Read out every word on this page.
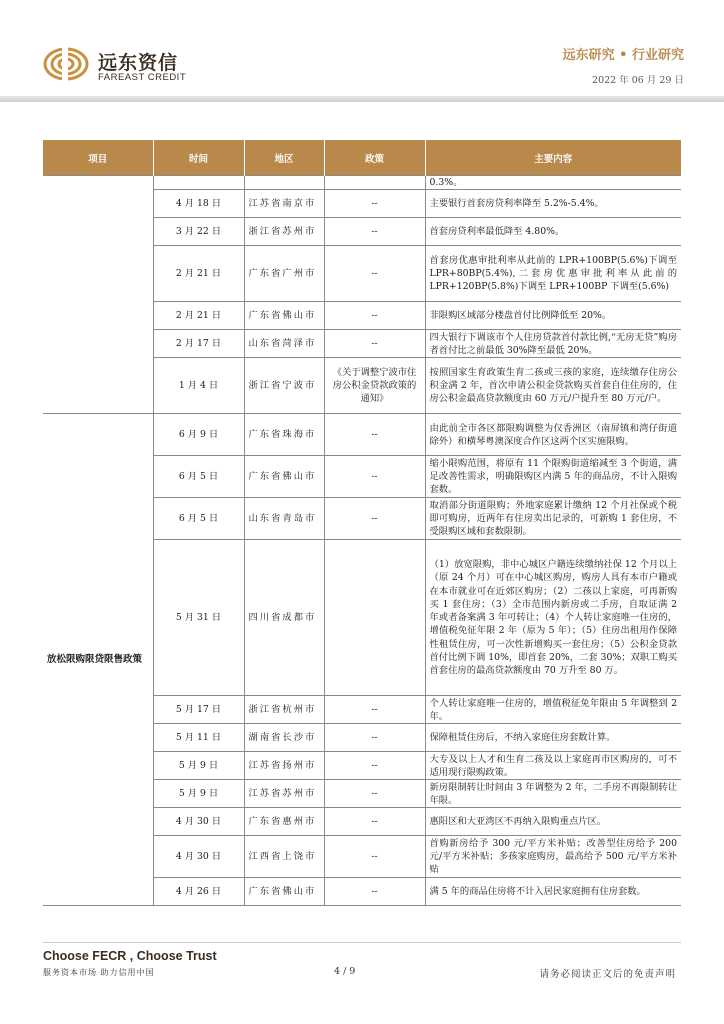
远东资信
FAREAST CREDIT
远东研究 • 行业研究
2022 年 06 月 29 日
项目	时间	地区	政策	主要内容
				0.3%。
	4 月 18 日	江苏省南京市	--	主要银行首套房贷利率降至 5.2%-5.4%。
	3 月 22 日	浙江省苏州市	--	首套房贷利率最低降至 4.80%。
	2 月 21 日	广东省广州市	--	首套房优惠审批利率从此前的 LPR+100BP(5.6%)下调至 LPR+80BP(5.4%),二套房优惠审批利率从此前的 LPR+120BP(5.8%)下调至 LPR+100BP 下调至(5.6%)
	2 月 21 日	广东省佛山市	--	非限购区域部分楼盘首付比例降低至 20%。
	2 月 17 日	山东省菏泽市	--	四大银行下调该市个人住房贷款首付款比例,“无房无贷”购房者首付比之前最低 30%降至最低 20%。
	1 月 4 日	浙江省宁波市	《关于调整宁波市住房公积金贷款政策的通知》	按照国家生育政策生育二孩或三孩的家庭，连续缴存住房公积金满 2 年，首次申请公积金贷款购买首套自住住房的，住房公积金最高贷款额度由 60 万元/户提升至 80 万元/户。
放松限购限贷限售政策	6 月 9 日	广东省珠海市	--	由此前全市各区都限购调整为仅香洲区（南屏镇和湾仔街道除外）和横琴粤澳深度合作区这两个区实施限购。
	6 月 5 日	广东省佛山市	--	缩小限购范围，将原有 11 个限购街道缩减至 3 个街道，满足改善性需求，明确限购区内满 5 年的商品房，不计入限购套数。
	6 月 5 日	山东省青岛市	--	取消部分街道限购；外地家庭累计缴纳 12 个月社保或个税即可购房，近两年有住房卖出记录的，可新购 1 套住房，不受限购区域和套数限制。
	5 月 31 日	四川省成都市		（1）放宽限购，非中心城区户籍连续缴纳社保 12 个月以上（原 24 个月）可在中心城区购房，购房人具有本市户籍或在本市就业可在近郊区购房；（2）二孩以上家庭，可再新购买 1 套住房；（3）全市范围内新房或二手房，自取证满 2 年或者备案满 3 年可转让；（4）个人转让家庭唯一住房的，增值税免征年限 2 年（原为 5 年）；（5）住房出租用作保障性租赁住房，可一次性新增购买一套住房；（5）公积金贷款首付比例下调 10%，即首套 20%，二套 30%；双职工购买首套住房的最高贷款额度由 70 万升至 80 万。
	5 月 17 日	浙江省杭州市	--	个人转让家庭唯一住房的，增值税征免年限由 5 年调整到 2 年。
	5 月 11 日	湖南省长沙市	--	保障租赁住房后，不纳入家庭住房套数计算。
	5 月 9 日	江苏省扬州市	--	大专及以上人才和生育二孩及以上家庭再市区购房的，可不适用现行限购政策。
	5 月 9 日	江苏省苏州市	--	新房限制转让时间由 3 年调整为 2 年，二手房不再限制转让年限。
	4 月 30 日	广东省惠州市	--	惠阳区和大亚湾区不再纳入限购重点片区。
	4 月 30 日	江西省上饶市	--	首购新房给予 300 元/平方米补贴；改善型住房给予 200 元/平方米补贴；多孩家庭购房，最高给予 500 元/平方米补贴
	4 月 26 日	广东省佛山市	--	满 5 年的商品住房将不计入居民家庭拥有住房套数。
Choose FECR , Choose Trust
服务资本市场 助力信用中国	4 / 9	请务必阅读正文后的免责声明
